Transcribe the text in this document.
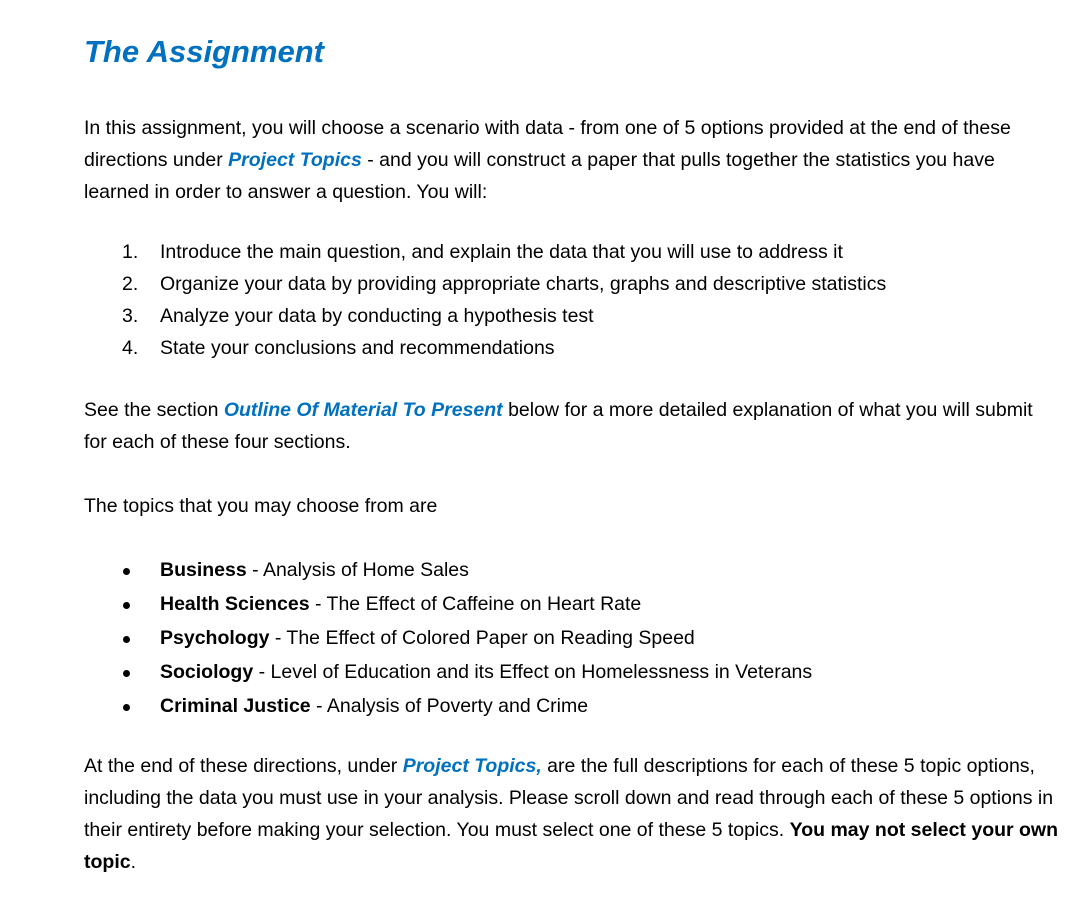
The Assignment

In this assignment, you will choose a scenario with data - from one of 5 options provided at the end of these directions under Project Topics - and you will construct a paper that pulls together the statistics you have learned in order to answer a question. You will:

1. Introduce the main question, and explain the data that you will use to address it
2. Organize your data by providing appropriate charts, graphs and descriptive statistics
3. Analyze your data by conducting a hypothesis test
4. State your conclusions and recommendations

See the section Outline Of Material To Present below for a more detailed explanation of what you will submit for each of these four sections.

The topics that you may choose from are

Business - Analysis of Home Sales
Health Sciences - The Effect of Caffeine on Heart Rate
Psychology - The Effect of Colored Paper on Reading Speed
Sociology - Level of Education and its Effect on Homelessness in Veterans
Criminal Justice - Analysis of Poverty and Crime

At the end of these directions, under Project Topics, are the full descriptions for each of these 5 topic options, including the data you must use in your analysis. Please scroll down and read through each of these 5 options in their entirety before making your selection. You must select one of these 5 topics. You may not select your own topic.
